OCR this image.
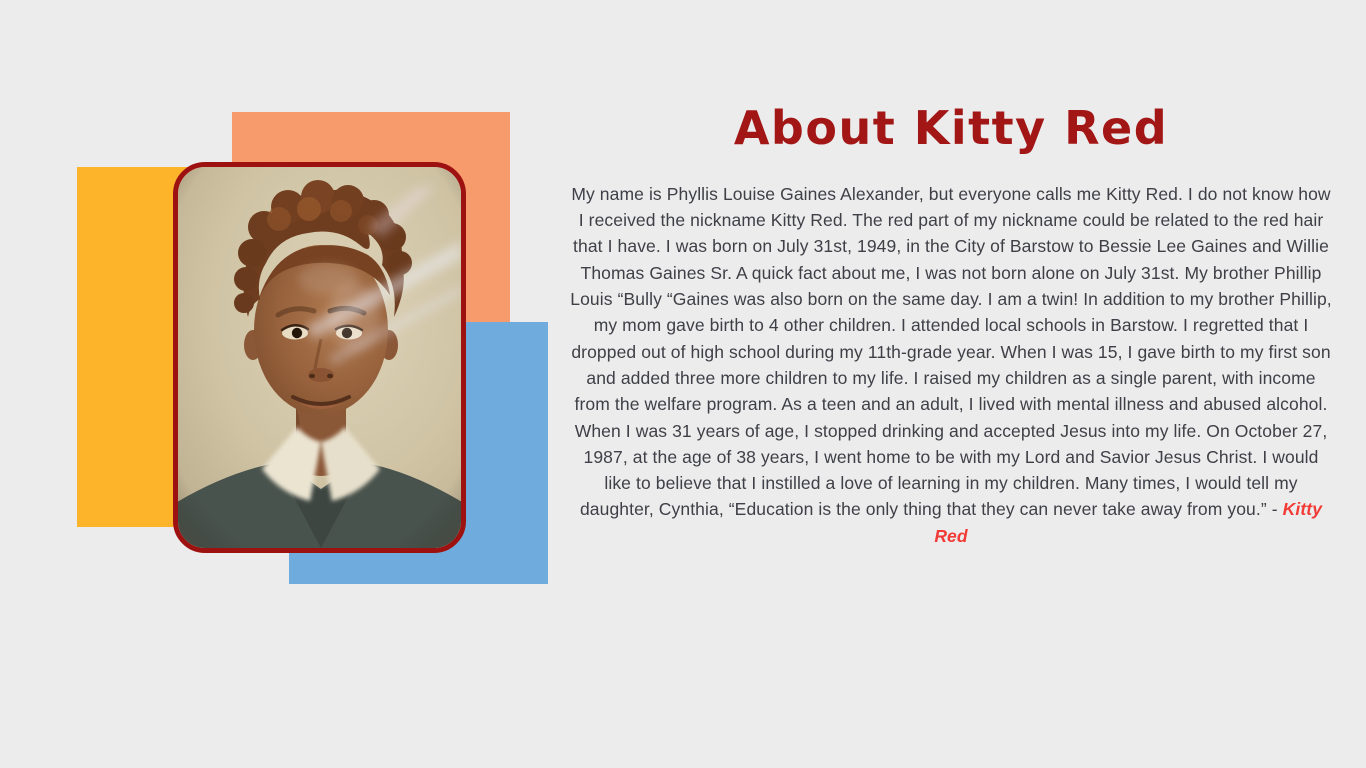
About Kitty Red

My name is Phyllis Louise Gaines Alexander, but everyone calls me Kitty Red. I do not know how I received the nickname Kitty Red. The red part of my nickname could be related to the red hair that I have. I was born on July 31st, 1949, in the City of Barstow to Bessie Lee Gaines and Willie Thomas Gaines Sr. A quick fact about me, I was not born alone on July 31st. My brother Phillip Louis “Bully “Gaines was also born on the same day. I am a twin! In addition to my brother Phillip, my mom gave birth to 4 other children. I attended local schools in Barstow. I regretted that I dropped out of high school during my 11th-grade year. When I was 15, I gave birth to my first son and added three more children to my life. I raised my children as a single parent, with income from the welfare program. As a teen and an adult, I lived with mental illness and abused alcohol. When I was 31 years of age, I stopped drinking and accepted Jesus into my life. On October 27, 1987, at the age of 38 years, I went home to be with my Lord and Savior Jesus Christ. I would like to believe that I instilled a love of learning in my children. Many times, I would tell my daughter, Cynthia, “Education is the only thing that they can never take away from you.” - Kitty Red
